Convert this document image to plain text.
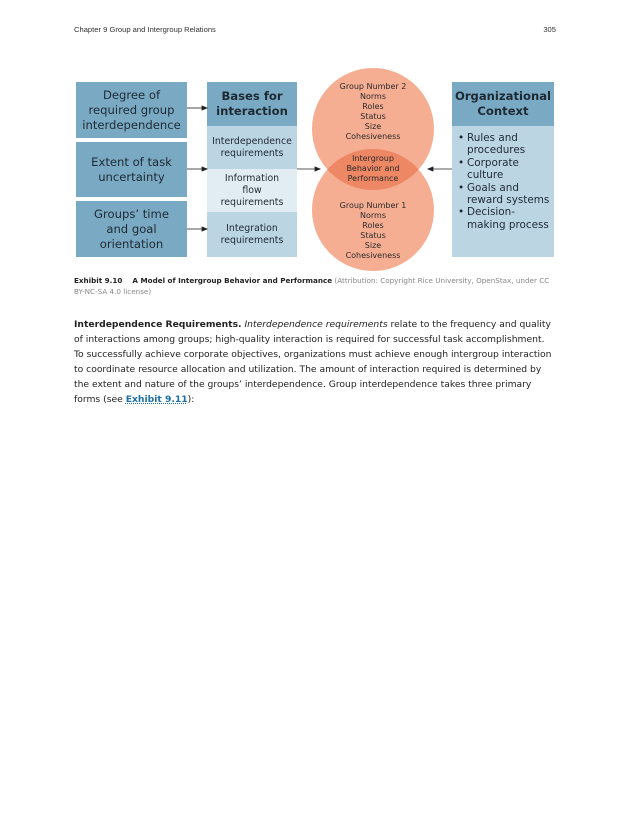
Chapter 9 Group and Intergroup Relations	305
Degree of required group interdependence
Extent of task uncertainty
Groups’ time and goal orientation
Bases for interaction
Interdependence requirements
Information flow requirements
Integration requirements
Group Number 2
Norms
Roles
Status
Size
Cohesiveness
Intergroup Behavior and Performance
Group Number 1
Norms
Roles
Status
Size
Cohesiveness
Organizational Context
• Rules and procedures
• Corporate culture
• Goals and reward systems
• Decision-making process
Exhibit 9.10    A Model of Intergroup Behavior and Performance (Attribution: Copyright Rice University, OpenStax, under CC BY-NC-SA 4.0 license)
Interdependence Requirements. Interdependence requirements relate to the frequency and quality of interactions among groups; high-quality interaction is required for successful task accomplishment. To successfully achieve corporate objectives, organizations must achieve enough intergroup interaction to coordinate resource allocation and utilization. The amount of interaction required is determined by the extent and nature of the groups’ interdependence. Group interdependence takes three primary forms (see Exhibit 9.11):
